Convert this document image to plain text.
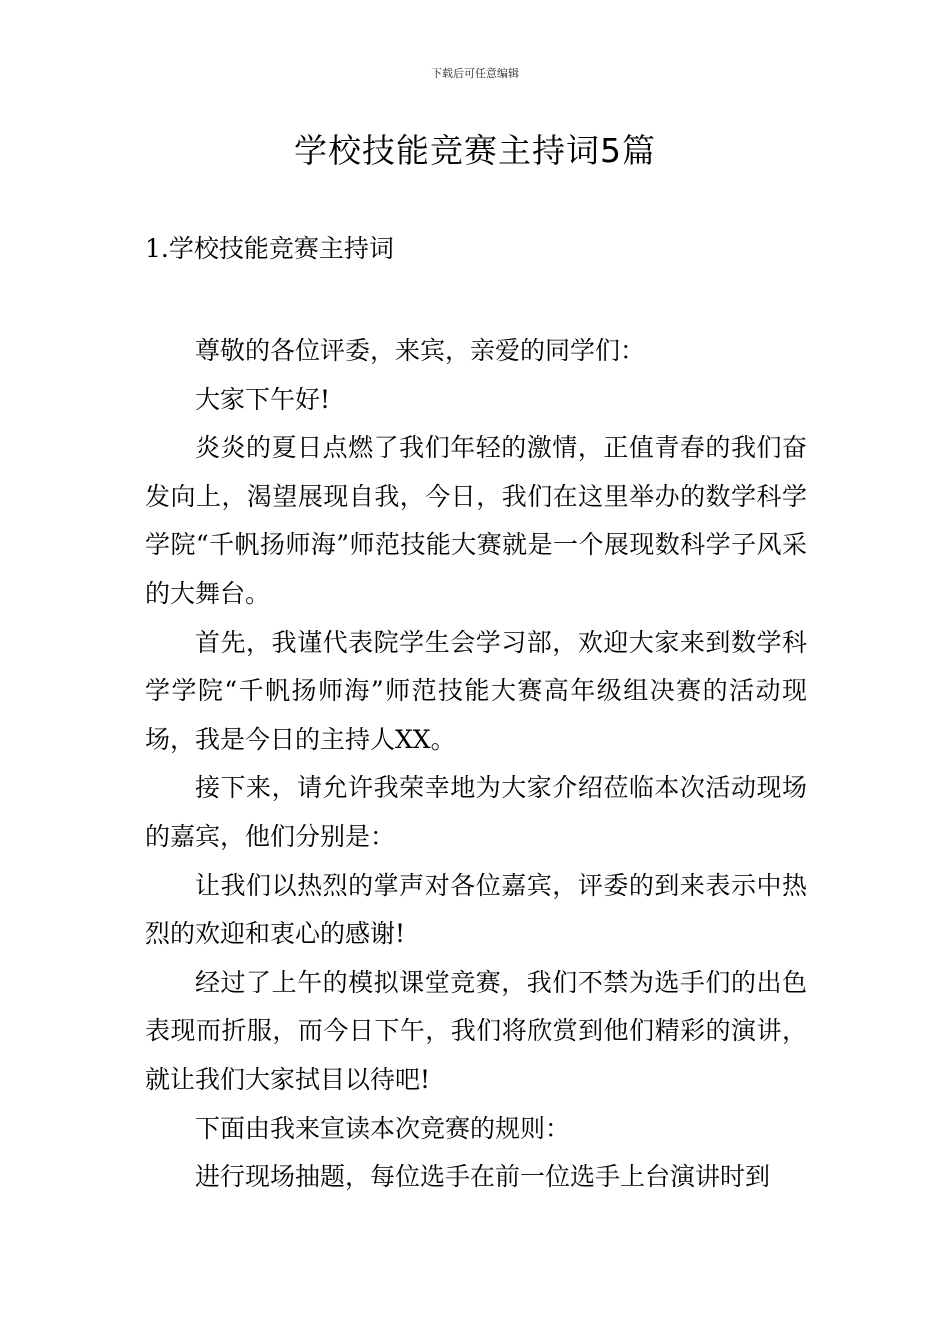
下载后可任意编辑
学校技能竞赛主持词5篇
1.学校技能竞赛主持词

尊敬的各位评委，来宾，亲爱的同学们：

大家下午好!

炎炎的夏日点燃了我们年轻的激情，正值青春的我们奋发向上，渴望展现自我，今日，我们在这里举办的数学科学学院“千帆扬师海”师范技能大赛就是一个展现数科学子风采的大舞台。

首先，我谨代表院学生会学习部，欢迎大家来到数学科学学院“千帆扬师海”师范技能大赛高年级组决赛的活动现场，我是今日的主持人XX。

接下来，请允许我荣幸地为大家介绍莅临本次活动现场的嘉宾，他们分别是：

让我们以热烈的掌声对各位嘉宾，评委的到来表示中热烈的欢迎和衷心的感谢!

经过了上午的模拟课堂竞赛，我们不禁为选手们的出色表现而折服，而今日下午，我们将欣赏到他们精彩的演讲，就让我们大家拭目以待吧!

下面由我来宣读本次竞赛的规则：

进行现场抽题，每位选手在前一位选手上台演讲时到
